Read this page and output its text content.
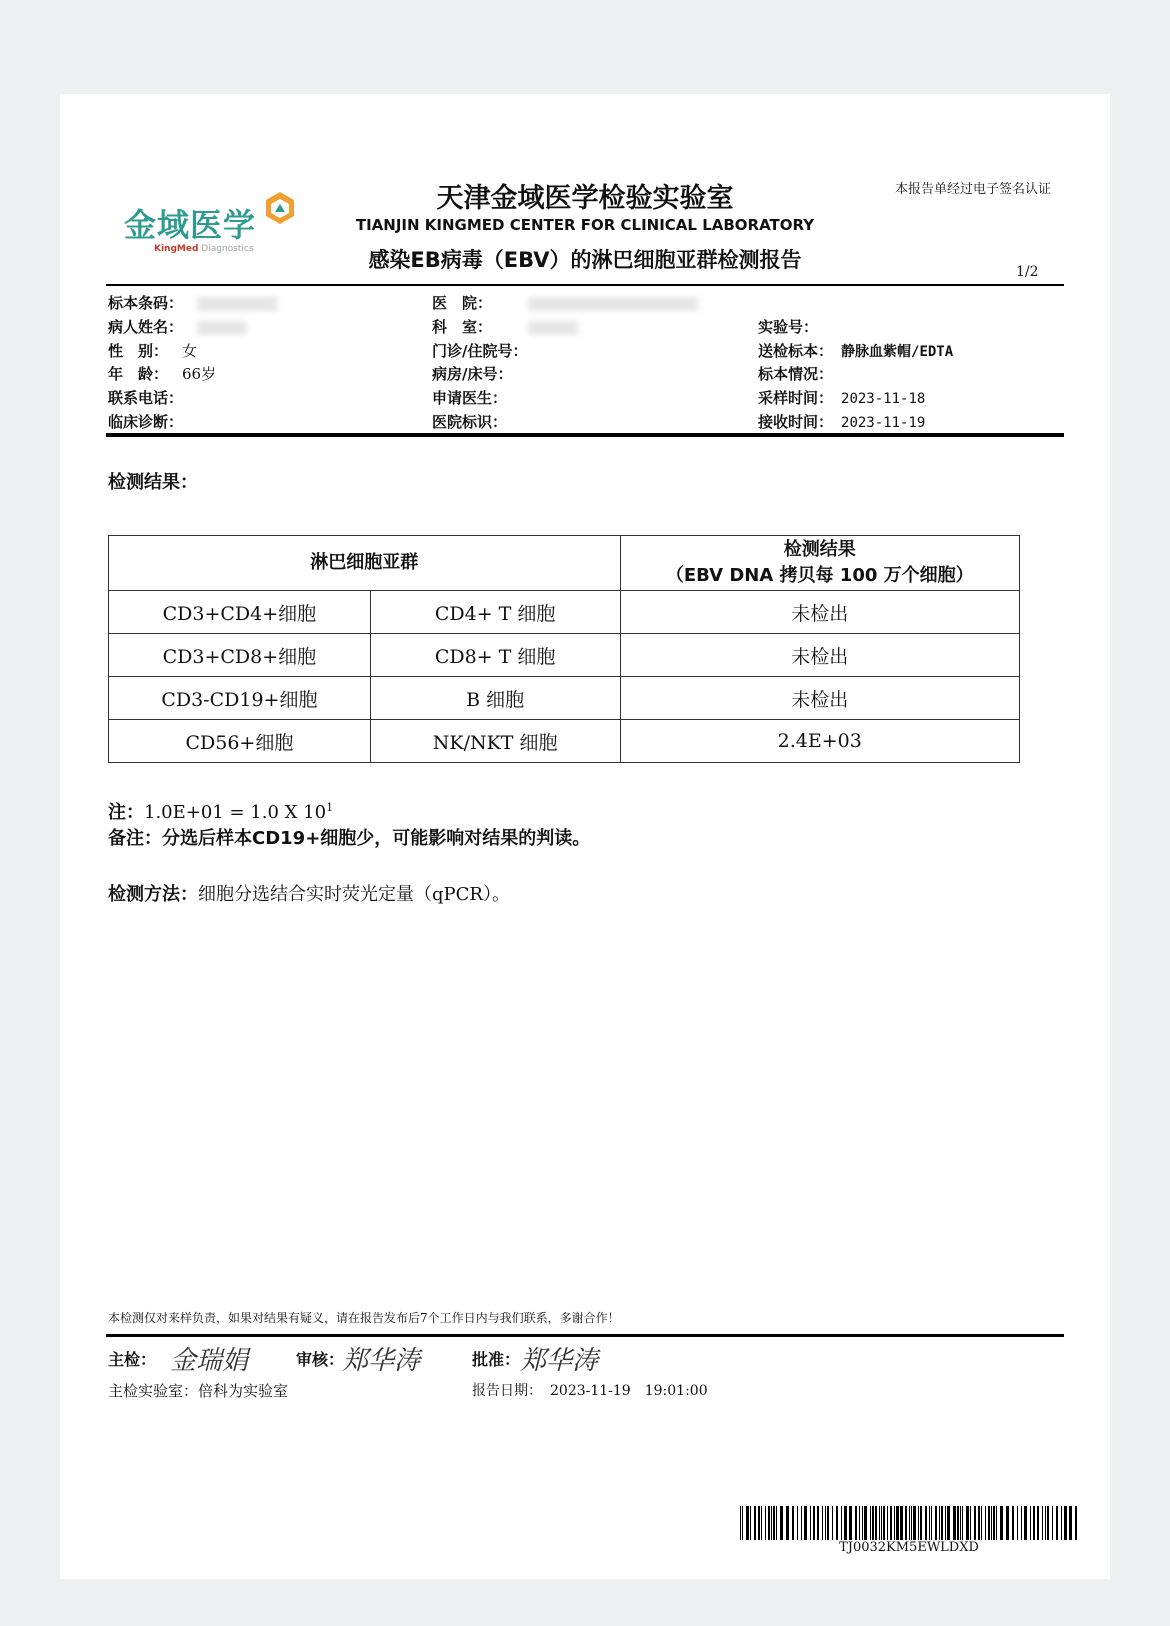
金域医学
KingMed Diagnostics
天津金域医学检验实验室
TIANJIN KINGMED CENTER FOR CLINICAL LABORATORY
感染EB病毒（EBV）的淋巴细胞亚群检测报告
本报告单经过电子签名认证
1/2
标本条码：
病人姓名：
性　别： 女
年　龄： 66岁
联系电话：
临床诊断：
医　院：
科　室：
门诊/住院号：
病房/床号：
申请医生：
医院标识：
实验号：
送检标本： 静脉血紫帽/EDTA
标本情况：
采样时间： 2023-11-18
接收时间： 2023-11-19
检测结果：
淋巴细胞亚群		检测结果
（EBV DNA 拷贝每 100 万个细胞）

CD3+CD4+细胞	CD4+ T 细胞	未检出
CD3+CD8+细胞	CD8+ T 细胞	未检出
CD3-CD19+细胞	B 细胞	未检出
CD56+细胞	NK/NKT 细胞	2.4E+03
注：1.0E+01 = 1.0 X $10^1$
备注：分选后样本CD19+细胞少，可能影响对结果的判读。
检测方法：细胞分选结合实时荧光定量（qPCR）。
本检测仅对来样负责，如果对结果有疑义，请在报告发布后7个工作日内与我们联系，多谢合作！
主检： 金瑞娟	审核：
郑华涛	批准： 郑华涛
主检实验室：倍科为实验室	报告日期： 2023-11-19　19:01:00
TJ0032KM5EWLDXD
